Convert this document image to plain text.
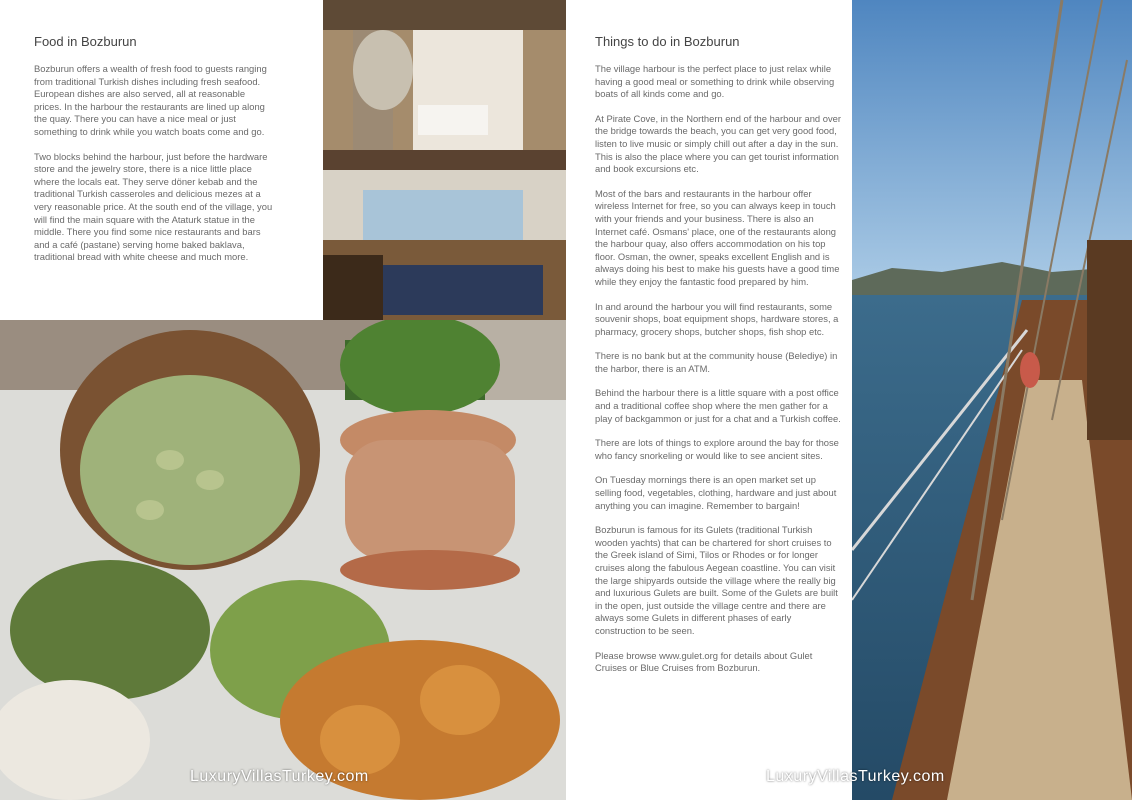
Food in Bozburun

Bozburun offers a wealth of fresh food to guests ranging from traditional Turkish dishes including fresh seafood. European dishes are also served, all at reasonable prices. In the harbour the restaurants are lined up along the quay. There you can have a nice meal or just something to drink while you watch boats come and go.

Two blocks behind the harbour, just before the hardware store and the jewelry store, there is a nice little place where the locals eat. They serve döner kebab and the traditional Turkish casseroles and delicious mezes at a very reasonable price. At the south end of the village, you will find the main square with the Ataturk statue in the middle. There you find some nice restaurants and bars and a café (pastane) serving home baked baklava, traditional bread with white cheese and much more.

Things to do in Bozburun

The village harbour is the perfect place to just relax while having a good meal or something to drink while observing boats of all kinds come and go.

At Pirate Cove, in the Northern end of the harbour and over the bridge towards the beach, you can get very good food, listen to live music or simply chill out after a day in the sun. This is also the place where you can get tourist information and book excursions etc.

Most of the bars and restaurants in the harbour offer wireless Internet for free, so you can always keep in touch with your friends and your business. There is also an Internet café. Osmans' place, one of the restaurants along the harbour quay, also offers accommodation on his top floor. Osman, the owner, speaks excellent English and is always doing his best to make his guests have a good time while they enjoy the fantastic food prepared by him.

In and around the harbour you will find restaurants, some souvenir shops, boat equipment shops, hardware stores, a pharmacy, grocery shops, butcher shops, fish shop etc.

There is no bank but at the community house (Belediye) in the harbor, there is an ATM.

Behind the harbour there is a little square with a post office and a traditional coffee shop where the men gather for a play of backgammon or just for a chat and a Turkish coffee.

There are lots of things to explore around the bay for those who fancy snorkeling or would like to see ancient sites.

On Tuesday mornings there is an open market set up selling food, vegetables, clothing, hardware and just about anything you can imagine. Remember to bargain!

Bozburun is famous for its Gulets (traditional Turkish wooden yachts) that can be chartered for short cruises to the Greek island of Simi, Tilos or Rhodes or for longer cruises along the fabulous Aegean coastline. You can visit the large shipyards outside the village where the really big and luxurious Gulets are built. Some of the Gulets are built in the open, just outside the village centre and there are always some Gulets in different phases of early construction to be seen.

Please browse www.gulet.org for details about Gulet Cruises or Blue Cruises from Bozburun.

LuxuryVillasTurkey.com	LuxuryVillasTurkey.com
